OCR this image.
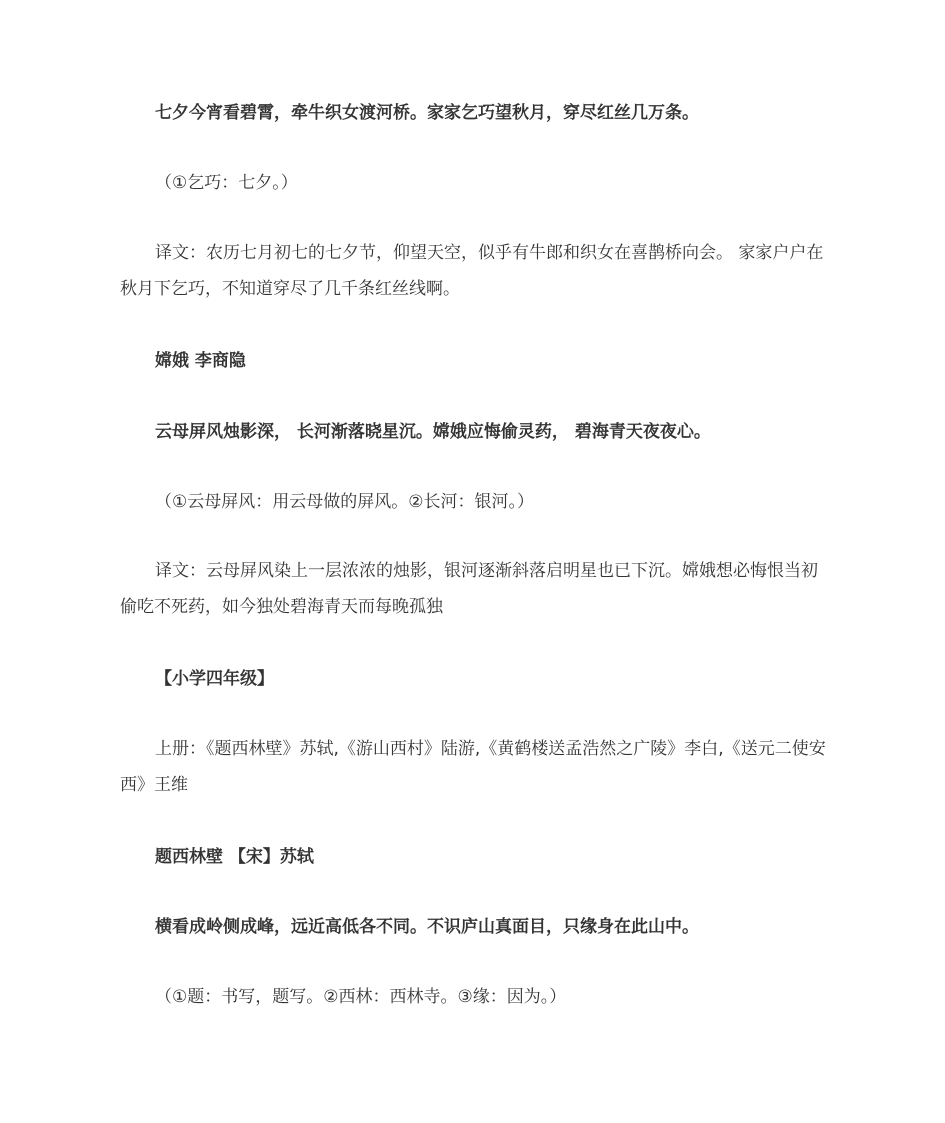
七夕今宵看碧霄，牵牛织女渡河桥。家家乞巧望秋月，穿尽红丝几万条。

（①乞巧：七夕。）

译文：农历七月初七的七夕节，仰望天空，似乎有牛郎和织女在喜鹊桥向会。 家家户户在秋月下乞巧，不知道穿尽了几千条红丝线啊。

嫦娥 李商隐

云母屏风烛影深， 长河渐落晓星沉。嫦娥应悔偷灵药， 碧海青天夜夜心。

（①云母屏风：用云母做的屏风。②长河：银河。）

译文：云母屏风染上一层浓浓的烛影，银河逐渐斜落启明星也已下沉。嫦娥想必悔恨当初偷吃不死药，如今独处碧海青天而每晚孤独

【小学四年级】

上册：《题西林壁》苏轼,《游山西村》陆游,《黄鹤楼送孟浩然之广陵》李白,《送元二使安西》王维

题西林壁 【宋】苏轼

横看成岭侧成峰，远近高低各不同。不识庐山真面目，只缘身在此山中。

（①题：书写，题写。②西林：西林寺。③缘：因为。）
